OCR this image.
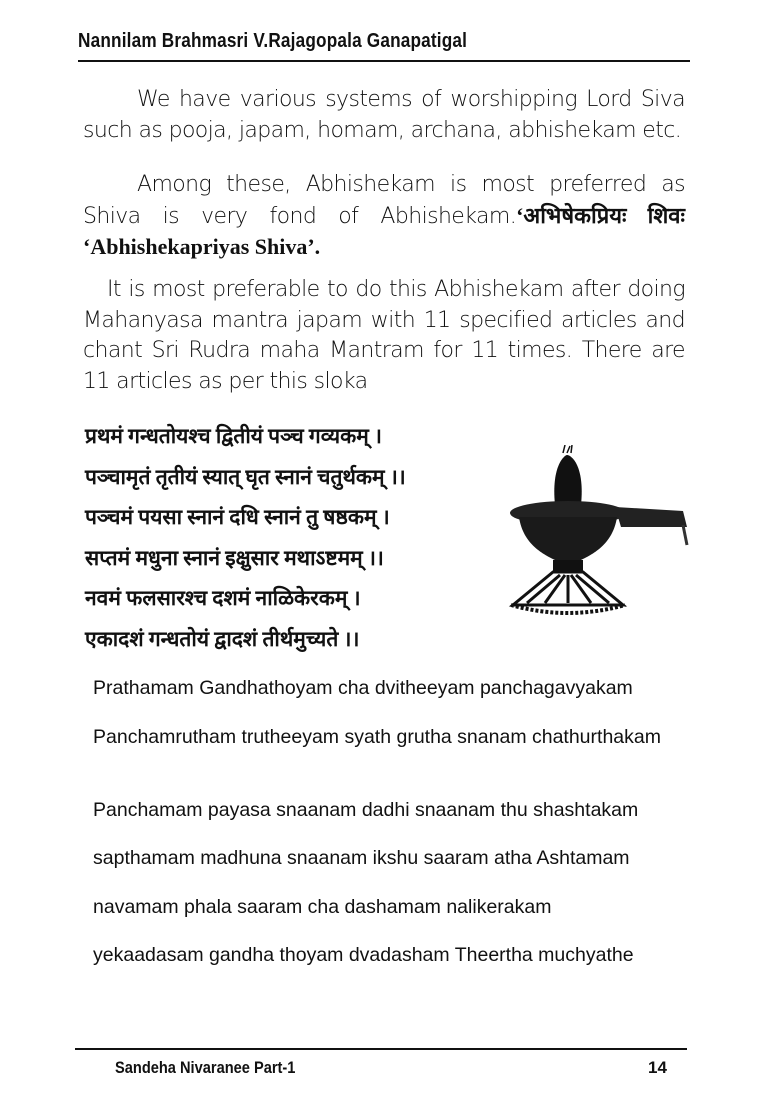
Nannilam Brahmasri V.Rajagopala Ganapatigal
We have various systems of worshipping Lord Siva such as pooja, japam, homam, archana, abhishekam etc.
Among these, Abhishekam is most preferred as Shiva is very fond of Abhishekam.‘अभिषेकप्रियः शिवः ‘Abhishekapriyas Shiva’.
It is most preferable to do this Abhishekam after doing Mahanyasa mantra japam with 11 specified articles and chant Sri Rudra maha Mantram for 11 times. There are 11 articles as per this sloka
प्रथमं गन्धतोयश्च द्वितीयं पञ्च गव्यकम् ।
पञ्चामृतं तृतीयं स्यात् घृत स्नानं चतुर्थकम् ।।
पञ्चमं पयसा स्नानं दधि स्नानं तु षष्ठकम् ।
सप्तमं मधुना स्नानं इक्षुसार मथाऽष्टमम् ।।
नवमं फलसारश्च दशमं नाळिकेरकम् ।
एकादशं गन्धतोयं द्वादशं तीर्थमुच्यते ।।
Prathamam Gandhathoyam cha dvitheeyam panchagavyakam
Panchamrutham trutheeyam syath grutha snanam chathurthakam
Panchamam payasa snaanam dadhi snaanam thu shashtakam
sapthamam madhuna snaanam ikshu saaram atha Ashtamam
navamam phala saaram cha dashamam nalikerakam
yekaadasam gandha thoyam dvadasham Theertha muchyathe
Sandeha Nivaranee Part-1	14
